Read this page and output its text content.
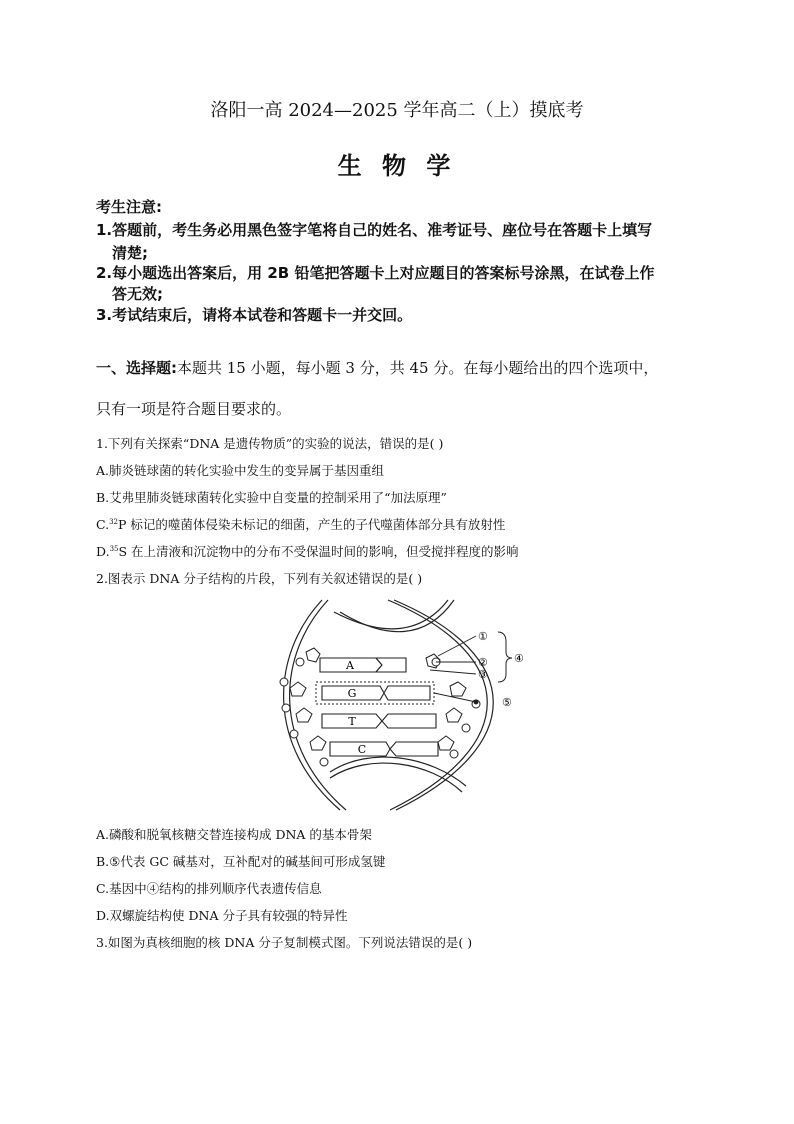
洛阳一高 2024—2025 学年高二（上）摸底考
生 物 学
考生注意:
1.答题前，考生务必用黑色签字笔将自己的姓名、准考证号、座位号在答题卡上填写
清楚;
2.每小题选出答案后，用 2B 铅笔把答题卡上对应题目的答案标号涂黑，在试卷上作
答无效;
3.考试结束后，请将本试卷和答题卡一并交回。
一、选择题:本题共 15 小题，每小题 3 分，共 45 分。在每小题给出的四个选项中，
只有一项是符合题目要求的。
1.下列有关探索“DNA 是遗传物质”的实验的说法，错误的是( )
A.肺炎链球菌的转化实验中发生的变异属于基因重组
B.艾弗里肺炎链球菌转化实验中自变量的控制采用了“加法原理”
C.$^{32}$P 标记的噬菌体侵染未标记的细菌，产生的子代噬菌体部分具有放射性
D.$^{35}$S 在上清液和沉淀物中的分布不受保温时间的影响，但受搅拌程度的影响
2.图表示 DNA 分子结构的片段，下列有关叙述错误的是( )
A
G
T
C
①
②
③
④
⑤
A.磷酸和脱氧核糖交替连接构成 DNA 的基本骨架
B.⑤代表 GC 碱基对，互补配对的碱基间可形成氢键
C.基因中④结构的排列顺序代表遗传信息
D.双螺旋结构使 DNA 分子具有较强的特异性
3.如图为真核细胞的核 DNA 分子复制模式图。下列说法错误的是( )
